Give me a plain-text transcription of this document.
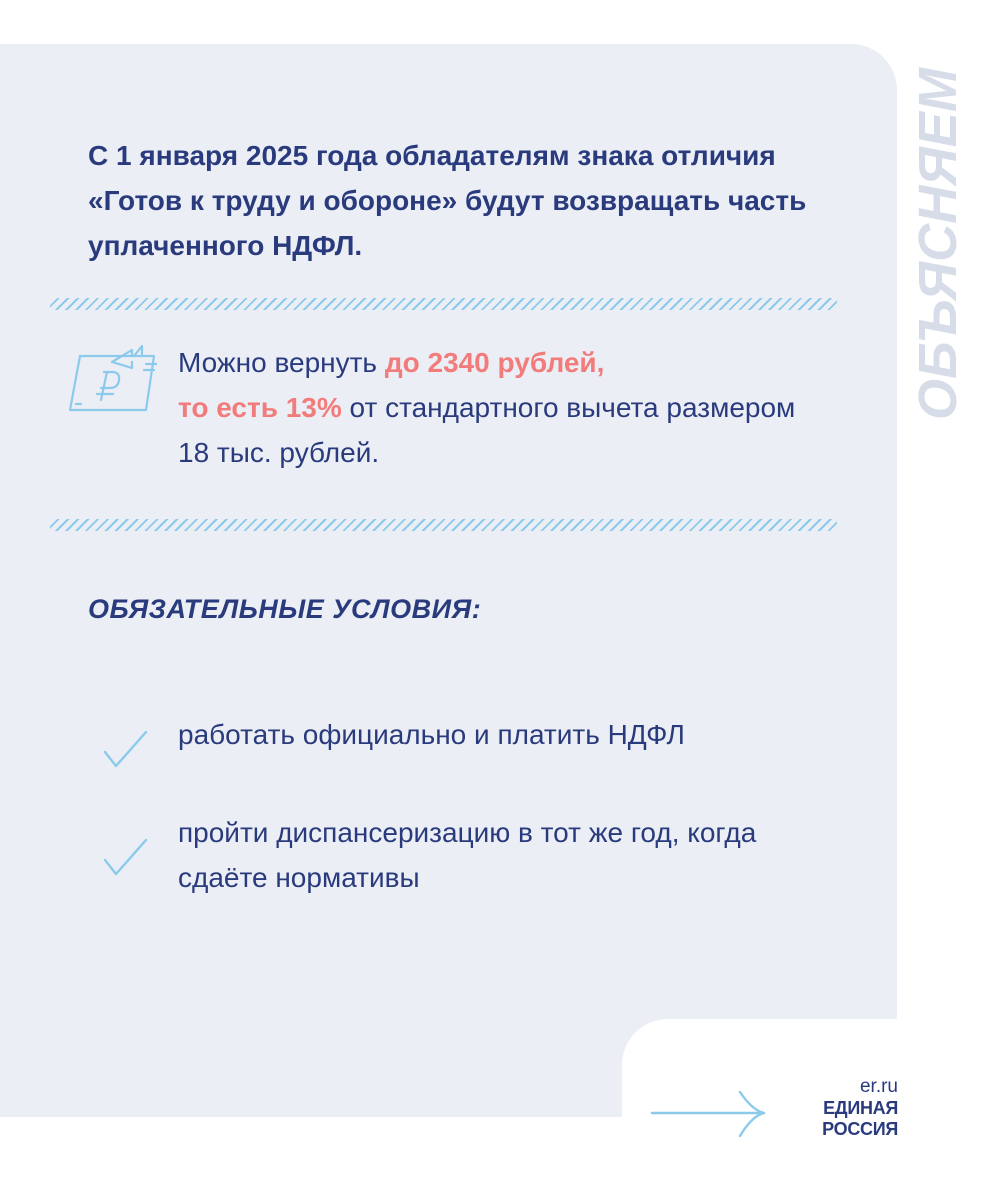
ОБЪЯСНЯЕМ

С 1 января 2025 года обладателям знака отличия «Готов к труду и обороне» будут возвращать часть уплаченного НДФЛ.

Можно вернуть до 2340 рублей,
то есть 13% от стандартного вычета размером 18 тыс. рублей.

ОБЯЗАТЕЛЬНЫЕ УСЛОВИЯ:

работать официально и платить НДФЛ

пройти диспансеризацию в тот же год, когда сдаёте нормативы

er.ru
ЕДИНАЯ
РОССИЯ
